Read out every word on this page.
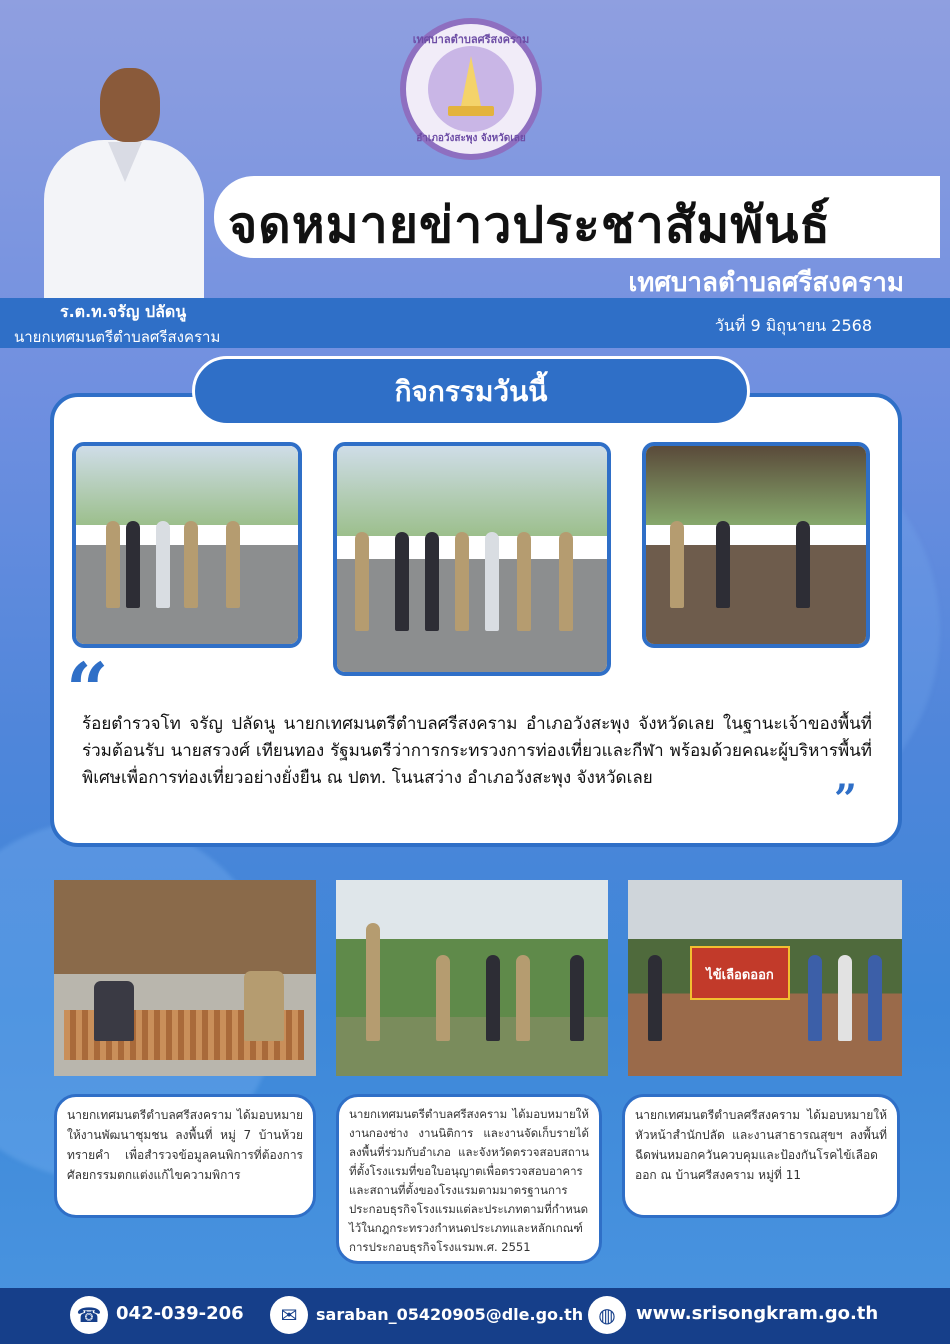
เทศบาลตำบลศรีสงคราม
อำเภอวังสะพุง จังหวัดเลย
จดหมายข่าวประชาสัมพันธ์
เทศบาลตำบลศรีสงคราม
ร.ต.ท.จรัญ ปลัดนู
นายกเทศมนตรีตำบลศรีสงคราม
วันที่ 9 มิถุนายน 2568
กิจกรรมวันนี้
“
ร้อยตำรวจโท จรัญ ปลัดนู นายกเทศมนตรีตำบลศรีสงคราม อำเภอวังสะพุง จังหวัดเลย ในฐานะเจ้าของพื้นที่ ร่วมต้อนรับ นายสรวงศ์ เทียนทอง รัฐมนตรีว่าการกระทรวงการท่องเที่ยวและกีฬา พร้อมด้วยคณะผู้บริหารพื้นที่พิเศษเพื่อการท่องเที่ยวอย่างยั่งยืน ณ ปตท. โนนสว่าง อำเภอวังสะพุง จังหวัดเลย	”
ไข้เลือดออก
นายกเทศมนตรีตำบลศรีสงคราม ได้มอบหมายให้งานพัฒนาชุมชน ลงพื้นที่ หมู่ 7 บ้านห้วยทรายคำ เพื่อสำรวจข้อมูลคนพิการที่ต้องการศัลยกรรมตกแต่งแก้ไขความพิการ
นายกเทศมนตรีตำบลศรีสงคราม ได้มอบหมายให้งานกองช่าง งานนิติการ และงานจัดเก็บรายได้ ลงพื้นที่ร่วมกับอำเภอ และจังหวัดตรวจสอบสถานที่ตั้งโรงแรมที่ขอใบอนุญาตเพื่อตรวจสอบอาคาร และสถานที่ตั้งของโรงแรมตามมาตรฐานการประกอบธุรกิจโรงแรมแต่ละประเภทตามที่กำหนดไว้ในกฎกระทรวงกำหนดประเภทและหลักเกณฑ์การประกอบธุรกิจโรงแรมพ.ศ. 2551
นายกเทศมนตรีตำบลศรีสงคราม ได้มอบหมายให้หัวหน้าสำนักปลัด และงานสาธารณสุขฯ ลงพื้นที่ฉีดพ่นหมอกควันควบคุมและป้องกันโรคไข้เลือดออก ณ บ้านศรีสงคราม หมู่ที่ 11
☎ 042-039-206	✉	saraban_05420905@dle.go.th ◍	www.srisongkram.go.th
